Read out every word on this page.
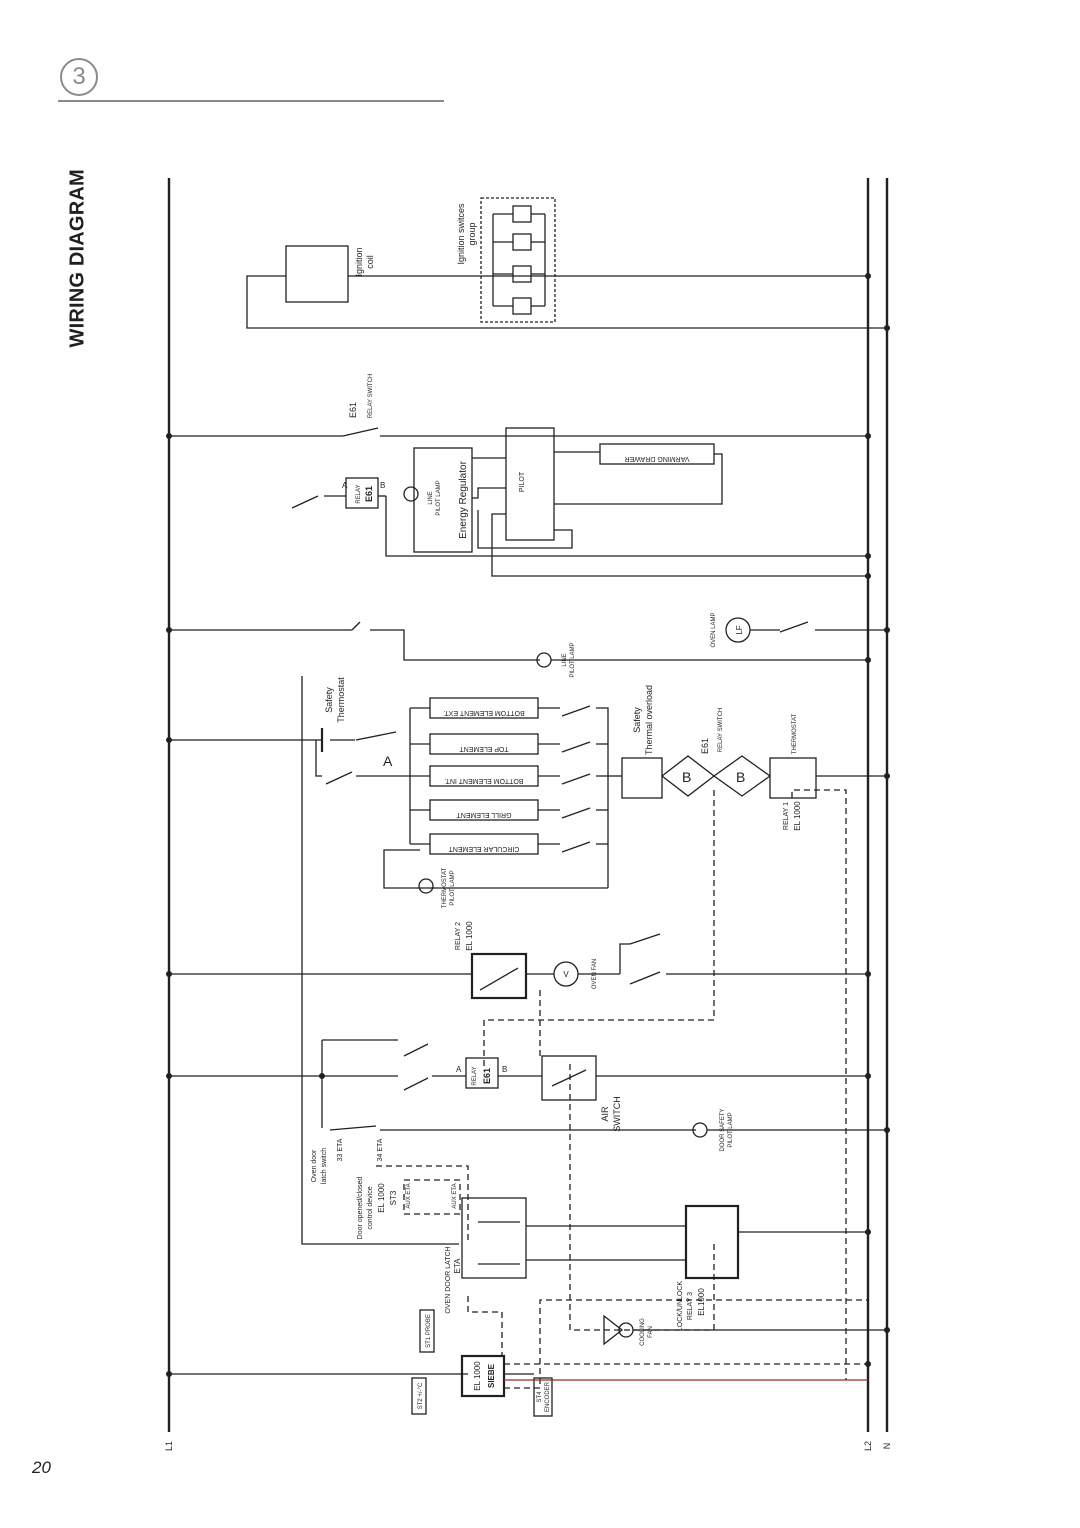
3
WIRING DIAGRAM
20
Ignition coil	Ignition switces group
E61 RELAY SWITCH
RELAY E61	Energy Regulator
LINE PILOT LAMP	PILOT
VARMING DRAWER
OVEN LAMP LF
LINE PILOT LAMP
Safety Thermostat	BOTTOM ELEMENT EXT.
TOP ELEMENT
BOTTOM ELEMENT INT.
GRILL ELEMENT
CIRCULAR ELEMENT
THERMOSTAT PILOT LAMP
Safety Thermal overload	E61 RELAY SWITCH	THERMOSTAT
RELAY 1 EL 1000
RELAY 2 EL 1000
OVEN FAN
V
RELAY E61
AIR SWITCH	DOOR SAFETY PILOT LAMP
Oven door latch switch 33 ETA	34 ETA
Door opened/closed control device EL 1000 ST3 AUX ETA	AUX ETA
OVEN DOOR LATCH ETA
LOCK/UNLOCK RELAY 3 EL1000
COOLING FAN
ST1 PROBE
ST2 +/-°C
EL 1000 SIEBE
ST4 ENCODER
L1	L2 N
A	B
A	B
A
B	B
